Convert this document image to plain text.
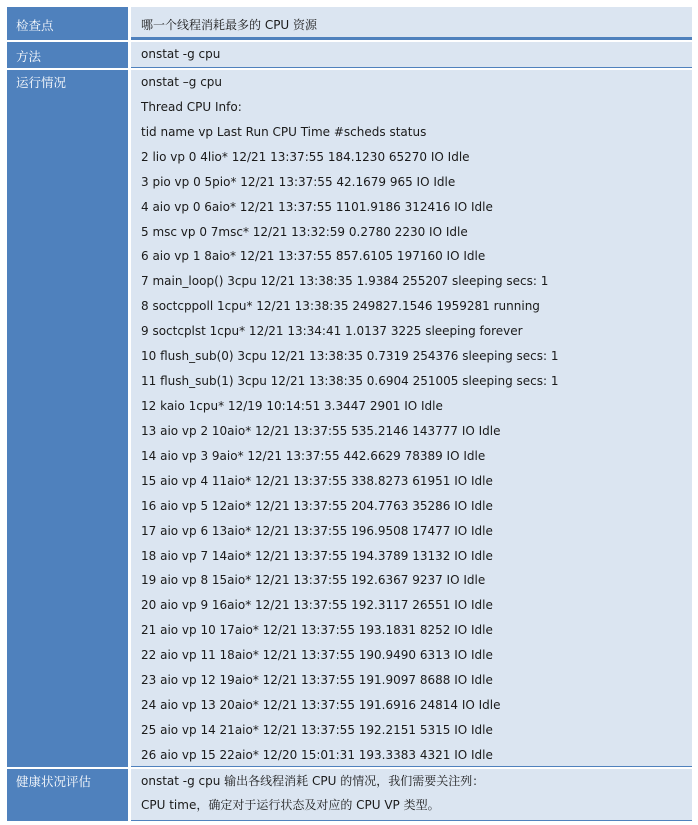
检查点	哪一个线程消耗最多的 CPU 资源
方法	onstat -g cpu
运行情况	onstat –g cpu
Thread CPU Info:
tid name vp Last Run CPU Time #scheds status
2 lio vp 0 4lio* 12/21 13:37:55 184.1230 65270 IO Idle
3 pio vp 0 5pio* 12/21 13:37:55 42.1679 965 IO Idle
4 aio vp 0 6aio* 12/21 13:37:55 1101.9186 312416 IO Idle
5 msc vp 0 7msc* 12/21 13:32:59 0.2780 2230 IO Idle
6 aio vp 1 8aio* 12/21 13:37:55 857.6105 197160 IO Idle
7 main_loop() 3cpu 12/21 13:38:35 1.9384 255207 sleeping secs: 1
8 soctcppoll 1cpu* 12/21 13:38:35 249827.1546 1959281 running
9 soctcplst 1cpu* 12/21 13:34:41 1.0137 3225 sleeping forever
10 flush_sub(0) 3cpu 12/21 13:38:35 0.7319 254376 sleeping secs: 1
11 flush_sub(1) 3cpu 12/21 13:38:35 0.6904 251005 sleeping secs: 1
12 kaio 1cpu* 12/19 10:14:51 3.3447 2901 IO Idle
13 aio vp 2 10aio* 12/21 13:37:55 535.2146 143777 IO Idle
14 aio vp 3 9aio* 12/21 13:37:55 442.6629 78389 IO Idle
15 aio vp 4 11aio* 12/21 13:37:55 338.8273 61951 IO Idle
16 aio vp 5 12aio* 12/21 13:37:55 204.7763 35286 IO Idle
17 aio vp 6 13aio* 12/21 13:37:55 196.9508 17477 IO Idle
18 aio vp 7 14aio* 12/21 13:37:55 194.3789 13132 IO Idle
19 aio vp 8 15aio* 12/21 13:37:55 192.6367 9237 IO Idle
20 aio vp 9 16aio* 12/21 13:37:55 192.3117 26551 IO Idle
21 aio vp 10 17aio* 12/21 13:37:55 193.1831 8252 IO Idle
22 aio vp 11 18aio* 12/21 13:37:55 190.9490 6313 IO Idle
23 aio vp 12 19aio* 12/21 13:37:55 191.9097 8688 IO Idle
24 aio vp 13 20aio* 12/21 13:37:55 191.6916 24814 IO Idle
25 aio vp 14 21aio* 12/21 13:37:55 192.2151 5315 IO Idle
26 aio vp 15 22aio* 12/20 15:01:31 193.3383 4321 IO Idle
健康状况评估	onstat -g cpu 输出各线程消耗 CPU 的情况，我们需要关注列：
CPU time，确定对于运行状态及对应的 CPU VP 类型。
